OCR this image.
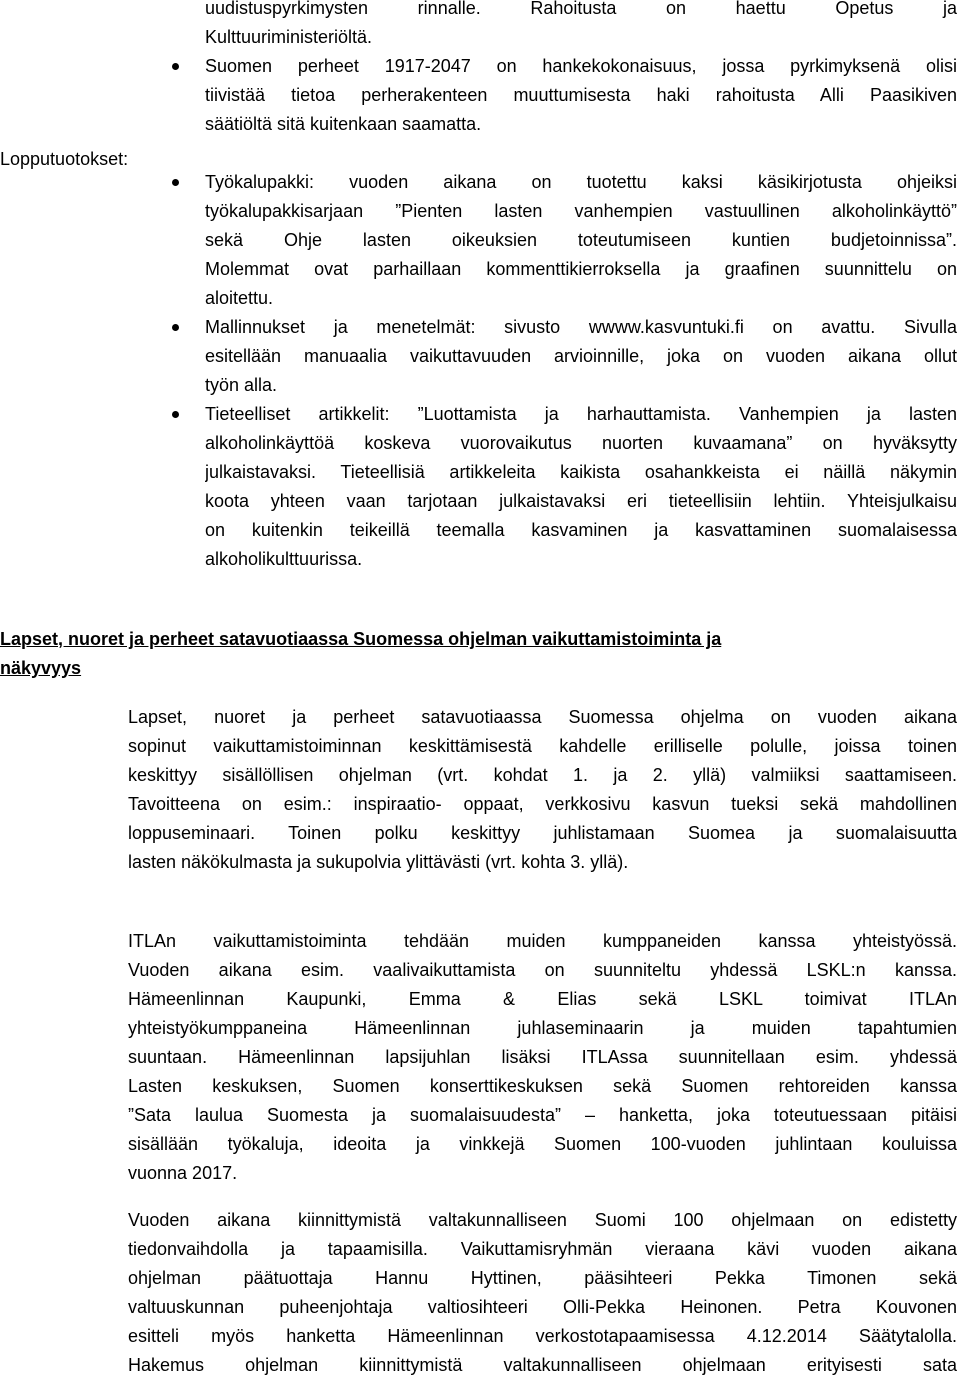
uudistuspyrkimysten rinnalle. Rahoitusta on haettu Opetus ja
Kulttuuriministeriöltä.
Suomen perheet 1917-2047 on hankekokonaisuus, jossa pyrkimyksenä olisi
tiivistää tietoa perherakenteen muuttumisesta haki rahoitusta Alli Paasikiven
säätiöltä sitä kuitenkaan saamatta.
Lopputuotokset:
Työkalupakki: vuoden aikana on tuotettu kaksi käsikirjotusta ohjeiksi
työkalupakkisarjaan ”Pienten lasten vanhempien vastuullinen alkoholinkäyttö”
sekä Ohje lasten oikeuksien toteutumiseen kuntien budjetoinnissa”.
Molemmat ovat parhaillaan kommenttikierroksella ja graafinen suunnittelu on
aloitettu.
Mallinnukset ja menetelmät: sivusto wwww.kasvuntuki.fi on avattu. Sivulla
esitellään manuaalia vaikuttavuuden arvioinnille, joka on vuoden aikana ollut
työn alla.
Tieteelliset artikkelit: ”Luottamista ja harhauttamista. Vanhempien ja lasten
alkoholinkäyttöä koskeva vuorovaikutus nuorten kuvaamana” on hyväksytty
julkaistavaksi. Tieteellisiä artikkeleita kaikista osahankkeista ei näillä näkymin
koota yhteen vaan tarjotaan julkaistavaksi eri tieteellisiin lehtiin. Yhteisjulkaisu
on kuitenkin teikeillä teemalla kasvaminen ja kasvattaminen suomalaisessa
alkoholikulttuurissa.
Lapset, nuoret ja perheet satavuotiaassa Suomessa ohjelman vaikuttamistoiminta ja
näkyvyys
Lapset, nuoret ja perheet satavuotiaassa Suomessa ohjelma on vuoden aikana
sopinut vaikuttamistoiminnan keskittämisestä kahdelle erilliselle polulle, joissa toinen
keskittyy sisällöllisen ohjelman (vrt. kohdat 1. ja 2. yllä) valmiiksi saattamiseen.
Tavoitteena on esim.: inspiraatio- oppaat, verkkosivu kasvun tueksi sekä mahdollinen
loppuseminaari. Toinen polku keskittyy juhlistamaan Suomea ja suomalaisuutta
lasten näkökulmasta ja sukupolvia ylittävästi (vrt. kohta 3. yllä).
ITLAn vaikuttamistoiminta tehdään muiden kumppaneiden kanssa yhteistyössä.
Vuoden aikana esim. vaalivaikuttamista on suunniteltu yhdessä LSKL:n kanssa.
Hämeenlinnan Kaupunki, Emma & Elias sekä LSKL toimivat ITLAn
yhteistyökumppaneina Hämeenlinnan juhlaseminaarin ja muiden tapahtumien
suuntaan. Hämeenlinnan lapsijuhlan lisäksi ITLAssa suunnitellaan esim. yhdessä
Lasten keskuksen, Suomen konserttikeskuksen sekä Suomen rehtoreiden kanssa
”Sata laulua Suomesta ja suomalaisuudesta” – hanketta, joka toteutuessaan pitäisi
sisällään työkaluja, ideoita ja vinkkejä Suomen 100-vuoden juhlintaan kouluissa
vuonna 2017.
Vuoden aikana kiinnittymistä valtakunnalliseen Suomi 100 ohjelmaan on edistetty
tiedonvaihdolla ja tapaamisilla. Vaikuttamisryhmän vieraana kävi vuoden aikana
ohjelman päätuottaja Hannu Hyttinen, pääsihteeri Pekka Timonen sekä
valtuuskunnan puheenjohtaja valtiosihteeri Olli-Pekka Heinonen. Petra Kouvonen
esitteli myös hanketta Hämeenlinnan verkostotapaamisessa 4.12.2014 Säätytalolla.
Hakemus ohjelman kiinnittymistä valtakunnalliseen ohjelmaan erityisesti sata
